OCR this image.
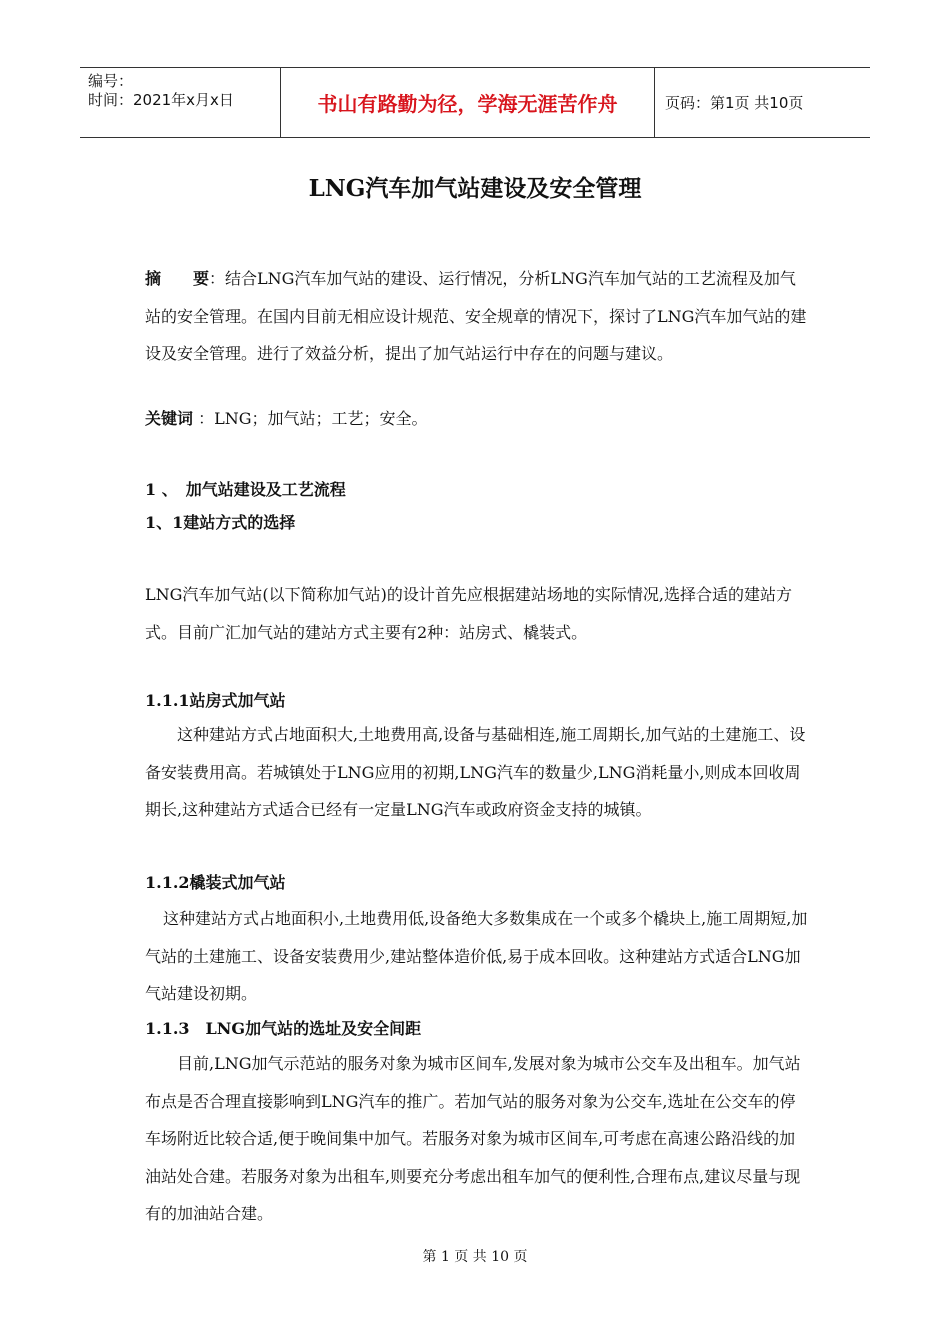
编号：
时间：2021年x月x日	书山有路勤为径，学海无涯苦作舟	页码：第1页 共10页
LNG汽车加气站建设及安全管理

摘　　要：结合LNG汽车加气站的建设、运行情况，分析LNG汽车加气站的工艺流程及加气站的安全管理。在国内目前无相应设计规范、安全规章的情况下，探讨了LNG汽车加气站的建设及安全管理。进行了效益分析，提出了加气站运行中存在的问题与建议。

关键词 ：LNG；加气站；工艺；安全。
1 、　加气站建设及工艺流程
1、1建站方式的选择

LNG汽车加气站(以下简称加气站)的设计首先应根据建站场地的实际情况,选择合适的建站方式。目前广汇加气站的建站方式主要有2种：站房式、橇装式。

1.1.1站房式加气站

这种建站方式占地面积大,土地费用高,设备与基础相连,施工周期长,加气站的土建施工、设备安装费用高。若城镇处于LNG应用的初期,LNG汽车的数量少,LNG消耗量小,则成本回收周期长,这种建站方式适合已经有一定量LNG汽车或政府资金支持的城镇。

1.1.2橇装式加气站

这种建站方式占地面积小,土地费用低,设备绝大多数集成在一个或多个橇块上,施工周期短,加气站的土建施工、设备安装费用少,建站整体造价低,易于成本回收。这种建站方式适合LNG加气站建设初期。

1.1.3　LNG加气站的选址及安全间距

目前,LNG加气示范站的服务对象为城市区间车,发展对象为城市公交车及出租车。加气站布点是否合理直接影响到LNG汽车的推广。若加气站的服务对象为公交车,选址在公交车的停车场附近比较合适,便于晚间集中加气。若服务对象为城市区间车,可考虑在高速公路沿线的加油站处合建。若服务对象为出租车,则要充分考虑出租车加气的便利性,合理布点,建议尽量与现有的加油站合建。

第 1 页 共 10 页
